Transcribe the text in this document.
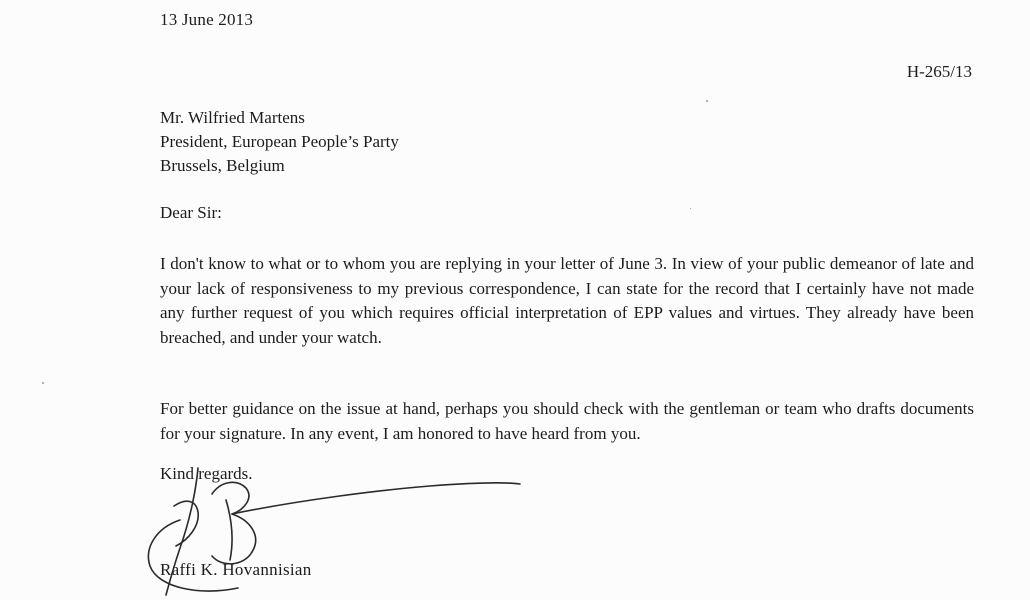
13 June 2013
H-265/13
Mr. Wilfried Martens
President, European People’s Party
Brussels, Belgium
Dear Sir:

I don't know to what or to whom you are replying in your letter of June 3. In view of your public demeanor of late and your lack of responsiveness to my previous correspondence, I can state for the record that I certainly have not made any further request of you which requires official interpretation of EPP values and virtues. They already have been breached, and under your watch.

For better guidance on the issue at hand, perhaps you should check with the gentleman or team who drafts documents for your signature. In any event, I am honored to have heard from you.

Kind regards.
Raffi K. Hovannisian
